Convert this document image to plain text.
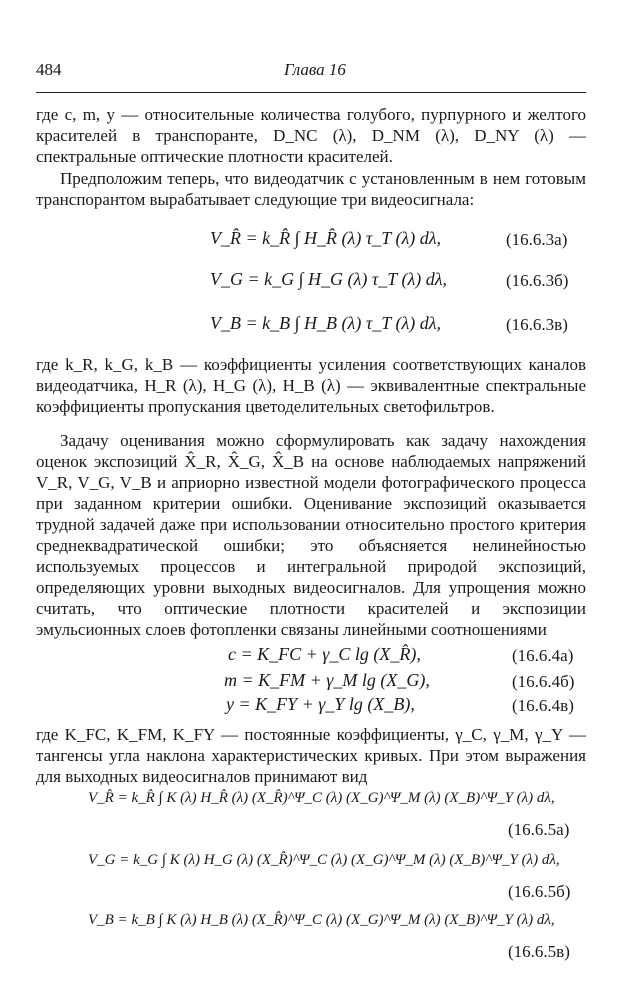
484	Глава 16
где c, m, y — относительные количества голубого, пурпурного и желтого красителей в транспоранте, D_NC (λ), D_NM (λ), D_NY (λ) — спектральные оптические плотности красителей.
Предположим теперь, что видеодатчик с установленным в нем готовым транспорантом вырабатывает следующие три видеосигнала:
V_R̂ = k_R̂ ∫ H_R̂ (λ) τ_T (λ) dλ,	(16.6.3а)
V_G = k_G ∫ H_G (λ) τ_T (λ) dλ,	(16.6.3б)
V_B = k_B ∫ H_B (λ) τ_T (λ) dλ,	(16.6.3в)
где k_R, k_G, k_B — коэффициенты усиления соответствующих каналов видеодатчика, H_R (λ), H_G (λ), H_B (λ) — эквивалентные спектральные коэффициенты пропускания цветоделительных светофильтров.
Задачу оценивания можно сформулировать как задачу нахождения оценок экспозиций X̂_R, X̂_G, X̂_B на основе наблюдаемых напряжений V_R, V_G, V_B и априорно известной модели фотографического процесса при заданном критерии ошибки. Оценивание экспозиций оказывается трудной задачей даже при использовании относительно простого критерия среднеквадратической ошибки; это объясняется нелинейностью используемых процессов и интегральной природой экспозиций, определяющих уровни выходных видеосигналов. Для упрощения можно считать, что оптические плотности красителей и экспозиции эмульсионных слоев фотопленки связаны линейными соотношениями
c = K_FC + γ_C lg (X_R̂),	(16.6.4а)
m = K_FM + γ_M lg (X_G),	(16.6.4б)
y = K_FY + γ_Y lg (X_B),	(16.6.4в)
где K_FC, K_FM, K_FY — постоянные коэффициенты, γ_C, γ_M, γ_Y — тангенсы угла наклона характеристических кривых. При этом выражения для выходных видеосигналов принимают вид
V_R̂ = k_R̂ ∫ K (λ) H_R̂ (λ) (X_R̂)^Ψ_C (λ) (X_G)^Ψ_M (λ) (X_B)^Ψ_Y (λ) dλ,
(16.6.5а)
V_G = k_G ∫ K (λ) H_G (λ) (X_R̂)^Ψ_C (λ) (X_G)^Ψ_M (λ) (X_B)^Ψ_Y (λ) dλ,
(16.6.5б)
V_B = k_B ∫ K (λ) H_B (λ) (X_R̂)^Ψ_C (λ) (X_G)^Ψ_M (λ) (X_B)^Ψ_Y (λ) dλ,
(16.6.5в)
